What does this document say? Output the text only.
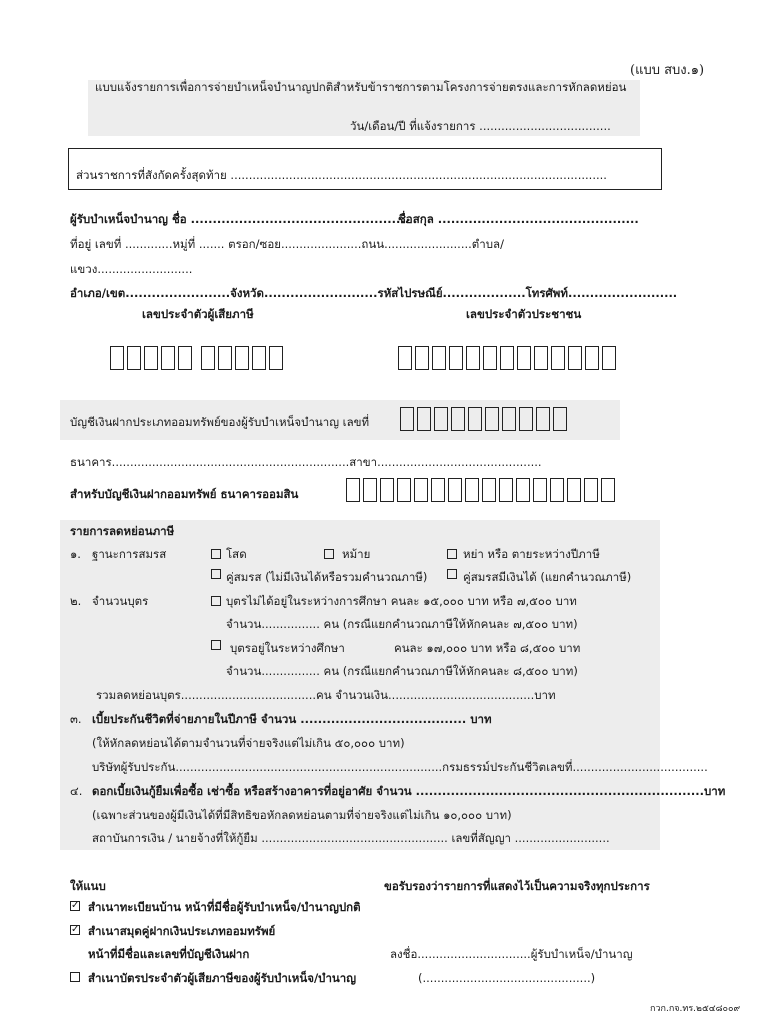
(แบบ สบง.๑)
แบบแจ้งรายการเพื่อการจ่ายบำเหน็จบำนาญปกติสำหรับข้าราชการตามโครงการจ่ายตรงและการหักลดหย่อน
วัน/เดือน/ปี ที่แจ้งรายการ ....................................
ส่วนราชการที่สังกัดครั้งสุดท้าย .......................................................................................................
ผู้รับบำเหน็จบำนาญ ชื่อ ..................................................
ชื่อสกุล ..............................................
ที่อยู่ เลขที่ .............หมู่ที่ ....... ตรอก/ซอย......................ถนน........................ตำบล/
แขวง..........................
อำเภอ/เขต........................จังหวัด..........................รหัสไปรษณีย์...................โทรศัพท์.........................
เลขประจำตัวผู้เสียภาษี	เลขประจำตัวประชาชน
บัญชีเงินฝากประเภทออมทรัพย์ของผู้รับบำเหน็จบำนาญ เลขที่
ธนาคาร.................................................................สาขา.............................................
สำหรับบัญชีเงินฝากออมทรัพย์ ธนาคารออมสิน
รายการลดหย่อนภาษี
๑. ฐานะการสมรส	โสด	หม้าย	หย่า หรือ ตายระหว่างปีภาษี
คู่สมรส (ไม่มีเงินได้หรือรวมคำนวณภาษี)	คู่สมรสมีเงินได้ (แยกคำนวณภาษี)
๒. จำนวนบุตร	บุตรไม่ได้อยู่ในระหว่างการศึกษา คนละ ๑๕,๐๐๐ บาท หรือ ๗,๕๐๐ บาท
จำนวน................ คน (กรณีแยกคำนวณภาษีให้หักคนละ ๗,๕๐๐ บาท)
บุตรอยู่ในระหว่างศึกษา	คนละ ๑๗,๐๐๐ บาท หรือ ๘,๕๐๐ บาท
จำนวน................ คน (กรณีแยกคำนวณภาษีให้หักคนละ ๘,๕๐๐ บาท)
รวมลดหย่อนบุตร.....................................คน จำนวนเงิน........................................บาท
๓. เบี้ยประกันชีวิตที่จ่ายภายในปีภาษี จำนวน ...................................... บาท
(ให้หักลดหย่อนได้ตามจำนวนที่จ่ายจริงแต่ไม่เกิน ๕๐,๐๐๐ บาท)
บริษัทผู้รับประกัน.........................................................................กรมธรรม์ประกันชีวิตเลขที่.....................................
๔. ดอกเบี้ยเงินกู้ยืมเพื่อซื้อ เช่าซื้อ หรือสร้างอาคารที่อยู่อาศัย จำนวน ..................................................................บาท
(เฉพาะส่วนของผู้มีเงินได้ที่มีสิทธิขอหักลดหย่อนตามที่จ่ายจริงแต่ไม่เกิน ๑๐,๐๐๐ บาท)
สถาบันการเงิน / นายจ้างที่ให้กู้ยืม ................................................... เลขที่สัญญา ..........................
ให้แนบ
✓ สำเนาทะเบียนบ้าน หน้าที่มีชื่อผู้รับบำเหน็จ/บำนาญปกติ
✓ สำเนาสมุดคู่ฝากเงินประเภทออมทรัพย์
หน้าที่มีชื่อและเลขที่บัญชีเงินฝาก
สำเนาบัตรประจำตัวผู้เสียภาษีของผู้รับบำเหน็จ/บำนาญ
ขอรับรองว่ารายการที่แสดงไว้เป็นความจริงทุกประการ
ลงชื่อ...............................ผู้รับบำเหน็จ/บำนาญ
(..............................................)
กวก.กจ.ทร.๒๕๔๘๐๐๙
